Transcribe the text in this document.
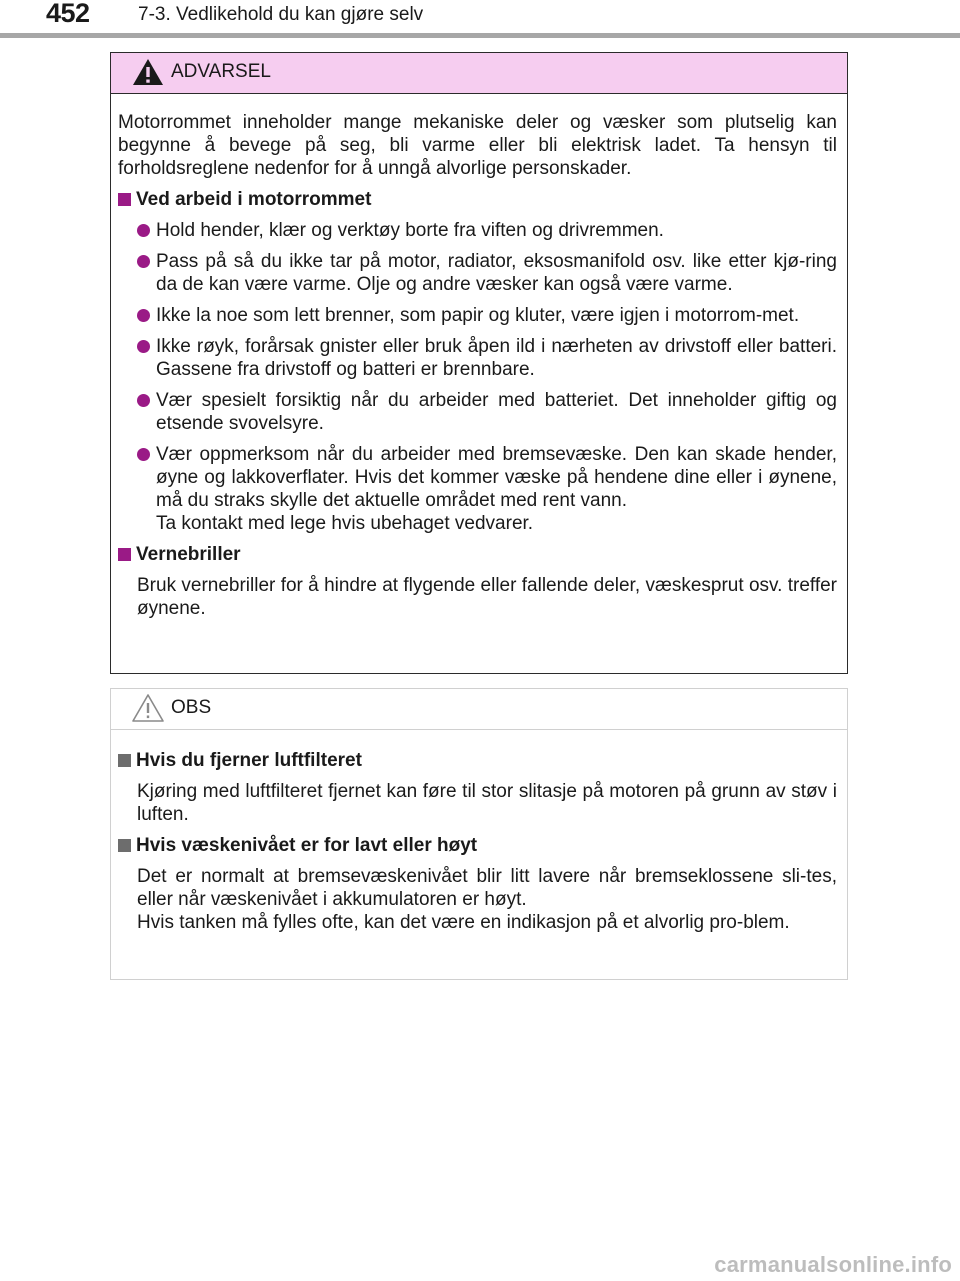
452	7-3. Vedlikehold du kan gjøre selv
ADVARSEL

Motorrommet inneholder mange mekaniske deler og væsker som plutselig kan begynne å bevege på seg, bli varme eller bli elektrisk ladet. Ta hensyn til forholdsreglene nedenfor for å unngå alvorlige personskader.

Ved arbeid i motorrommet
Hold hender, klær og verktøy borte fra viften og drivremmen.
Pass på så du ikke tar på motor, radiator, eksosmanifold osv. like etter kjø-ring da de kan være varme. Olje og andre væsker kan også være varme.
Ikke la noe som lett brenner, som papir og kluter, være igjen i motorrom-met.
Ikke røyk, forårsak gnister eller bruk åpen ild i nærheten av drivstoff eller batteri. Gassene fra drivstoff og batteri er brennbare.
Vær spesielt forsiktig når du arbeider med batteriet. Det inneholder giftig og etsende svovelsyre.
Vær oppmerksom når du arbeider med bremsevæske. Den kan skade hender, øyne og lakkoverflater. Hvis det kommer væske på hendene dine eller i øynene, må du straks skylle det aktuelle området med rent vann.
Ta kontakt med lege hvis ubehaget vedvarer.
Vernebriller
Bruk vernebriller for å hindre at flygende eller fallende deler, væskesprut osv. treffer øynene.
OBS
Hvis du fjerner luftfilteret
Kjøring med luftfilteret fjernet kan føre til stor slitasje på motoren på grunn av støv i luften.
Hvis væskenivået er for lavt eller høyt

Det er normalt at bremsevæskenivået blir litt lavere når bremseklossene sli-tes, eller når væskenivået i akkumulatoren er høyt.

Hvis tanken må fylles ofte, kan det være en indikasjon på et alvorlig pro-blem.

carmanualsonline.info
